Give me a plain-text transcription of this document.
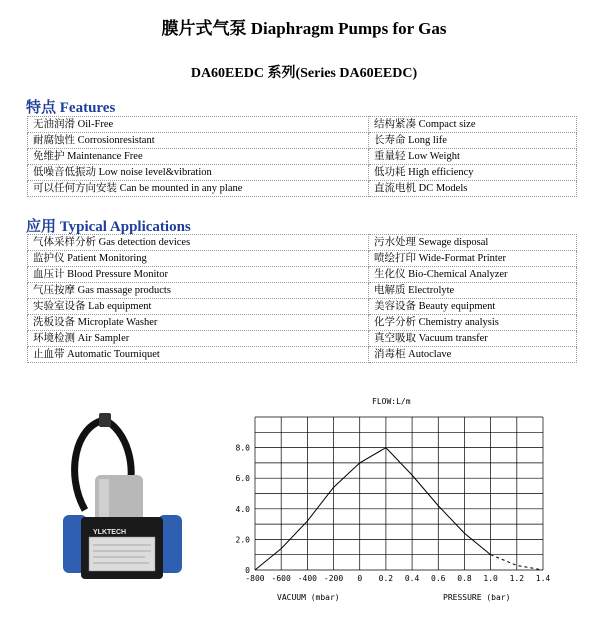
膜片式气泵 Diaphragm Pumps for Gas
DA60EEDC 系列(Series DA60EEDC)
特点 Features
无油润滑 Oil-Free	结构紧凑 Compact size
耐腐蚀性 Corrosionresistant	长寿命 Long life
免维护 Maintenance Free	重量轻 Low Weight
低噪音低振动 Low noise level&vibration	低功耗 High efficiency
可以任何方向安装 Can be mounted in any plane	直流电机 DC Models
应用 Typical Applications
气体采样分析 Gas detection devices	污水处理 Sewage disposal
监护仪 Patient Monitoring	喷绘打印 Wide-Format Printer
血压计 Blood Pressure Monitor	生化仪 Bio-Chemical Analyzer
气压按摩 Gas massage products	电解质 Electrolyte
实验室设备 Lab equipment	美容设备 Beauty equipment
洗板设备 Microplate Washer	化学分析 Chemistry analysis
环境检测 Air Sampler	真空吸取 Vacuum transfer
止血带 Automatic Tourniquet	消毒柜 Autoclave
YLKTECH
FLOW:L/m
0
2.0
4.0
6.0
8.0
-800 -600 -400 -200 0 0.2 0.4 0.6 0.8 1.0 1.2 1.4
VACUUM (mbar)	PRESSURE (bar)
